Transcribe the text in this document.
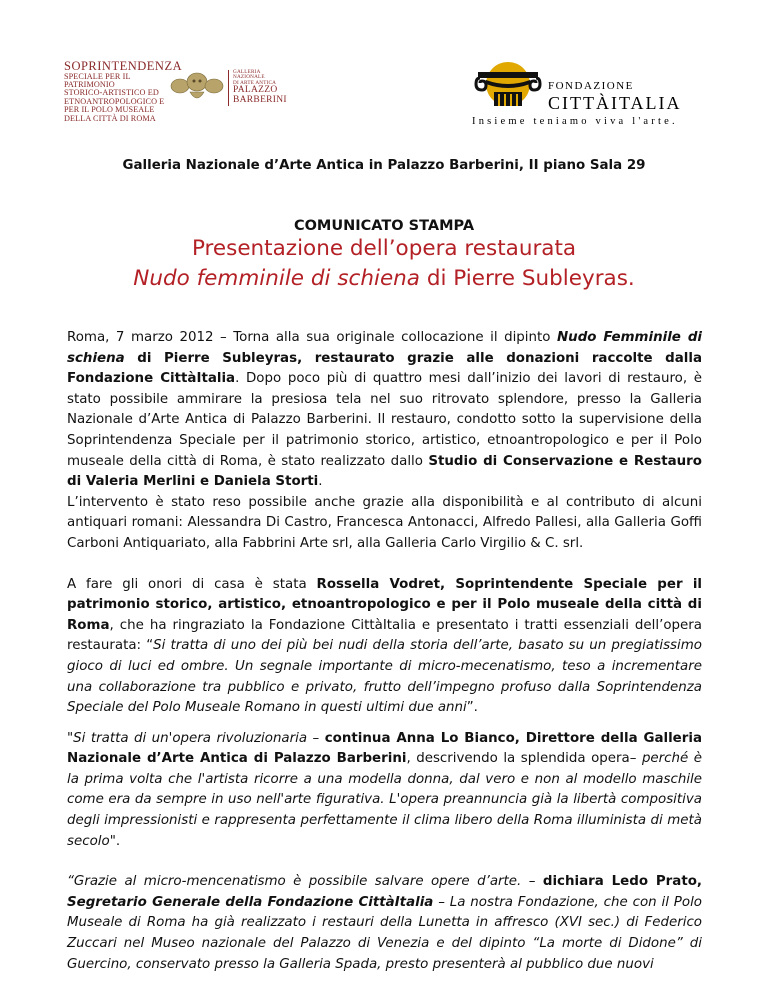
SOPRINTENDENZA
SPECIALE PER IL PATRIMONIO
STORICO-ARTISTICO ED
ETNOANTROPOLOGICO E
PER IL POLO MUSEALE
DELLA CITTÀ DI ROMA
GALLERIA NAZIONALE
DI ARTE ANTICA
PALAZZO
BARBERINI
FONDAZIONE
CITTÀITALIA
Insieme teniamo viva l'arte.
Galleria Nazionale d’Arte Antica in Palazzo Barberini, II piano Sala 29
COMUNICATO STAMPA
Presentazione dell’opera restaurata
Nudo femminile di schiena di Pierre Subleyras.

Roma, 7 marzo 2012 – Torna alla sua originale collocazione il dipinto Nudo Femminile di schiena di Pierre Subleyras, restaurato grazie alle donazioni raccolte dalla Fondazione CittàItalia. Dopo poco più di quattro mesi dall’inizio dei lavori di restauro, è stato possibile ammirare la presiosa tela nel suo ritrovato splendore, presso la Galleria Nazionale d’Arte Antica di Palazzo Barberini. Il restauro, condotto sotto la supervisione della Soprintendenza Speciale per il patrimonio storico, artistico, etnoantropologico e per il Polo museale della città di Roma, è stato realizzato dallo Studio di Conservazione e Restauro di Valeria Merlini e Daniela Storti.

L’intervento è stato reso possibile anche grazie alla disponibilità e al contributo di alcuni antiquari romani: Alessandra Di Castro, Francesca Antonacci, Alfredo Pallesi, alla Galleria Goffi Carboni Antiquariato, alla Fabbrini Arte srl, alla Galleria Carlo Virgilio & C. srl.

A fare gli onori di casa è stata Rossella Vodret, Soprintendente Speciale per il patrimonio storico, artistico, etnoantropologico e per il Polo museale della città di Roma, che ha ringraziato la Fondazione CittàItalia e presentato i tratti essenziali dell’opera restaurata: “Si tratta di uno dei più bei nudi della storia dell’arte, basato su un pregiatissimo gioco di luci ed ombre. Un segnale importante di micro-mecenatismo, teso a incrementare una collaborazione tra pubblico e privato, frutto dell’impegno profuso dalla Soprintendenza Speciale del Polo Museale Romano in questi ultimi due anni”.

"Si tratta di un'opera rivoluzionaria – continua Anna Lo Bianco, Direttore della Galleria Nazionale d’Arte Antica di Palazzo Barberini, descrivendo la splendida opera– perché è la prima volta che l'artista ricorre a una modella donna, dal vero e non al modello maschile come era da sempre in uso nell'arte figurativa. L'opera preannuncia già la libertà compositiva degli impressionisti e rappresenta perfettamente il clima libero della Roma illuminista di metà secolo".

“Grazie al micro-mencenatismo è possibile salvare opere d’arte. – dichiara Ledo Prato, Segretario Generale della Fondazione CittàItalia – La nostra Fondazione, che con il Polo Museale di Roma ha già realizzato i restauri della Lunetta in affresco (XVI sec.) di Federico Zuccari nel Museo nazionale del Palazzo di Venezia e del dipinto “La morte di Didone” di Guercino, conservato presso la Galleria Spada, presto presenterà al pubblico due nuovi
